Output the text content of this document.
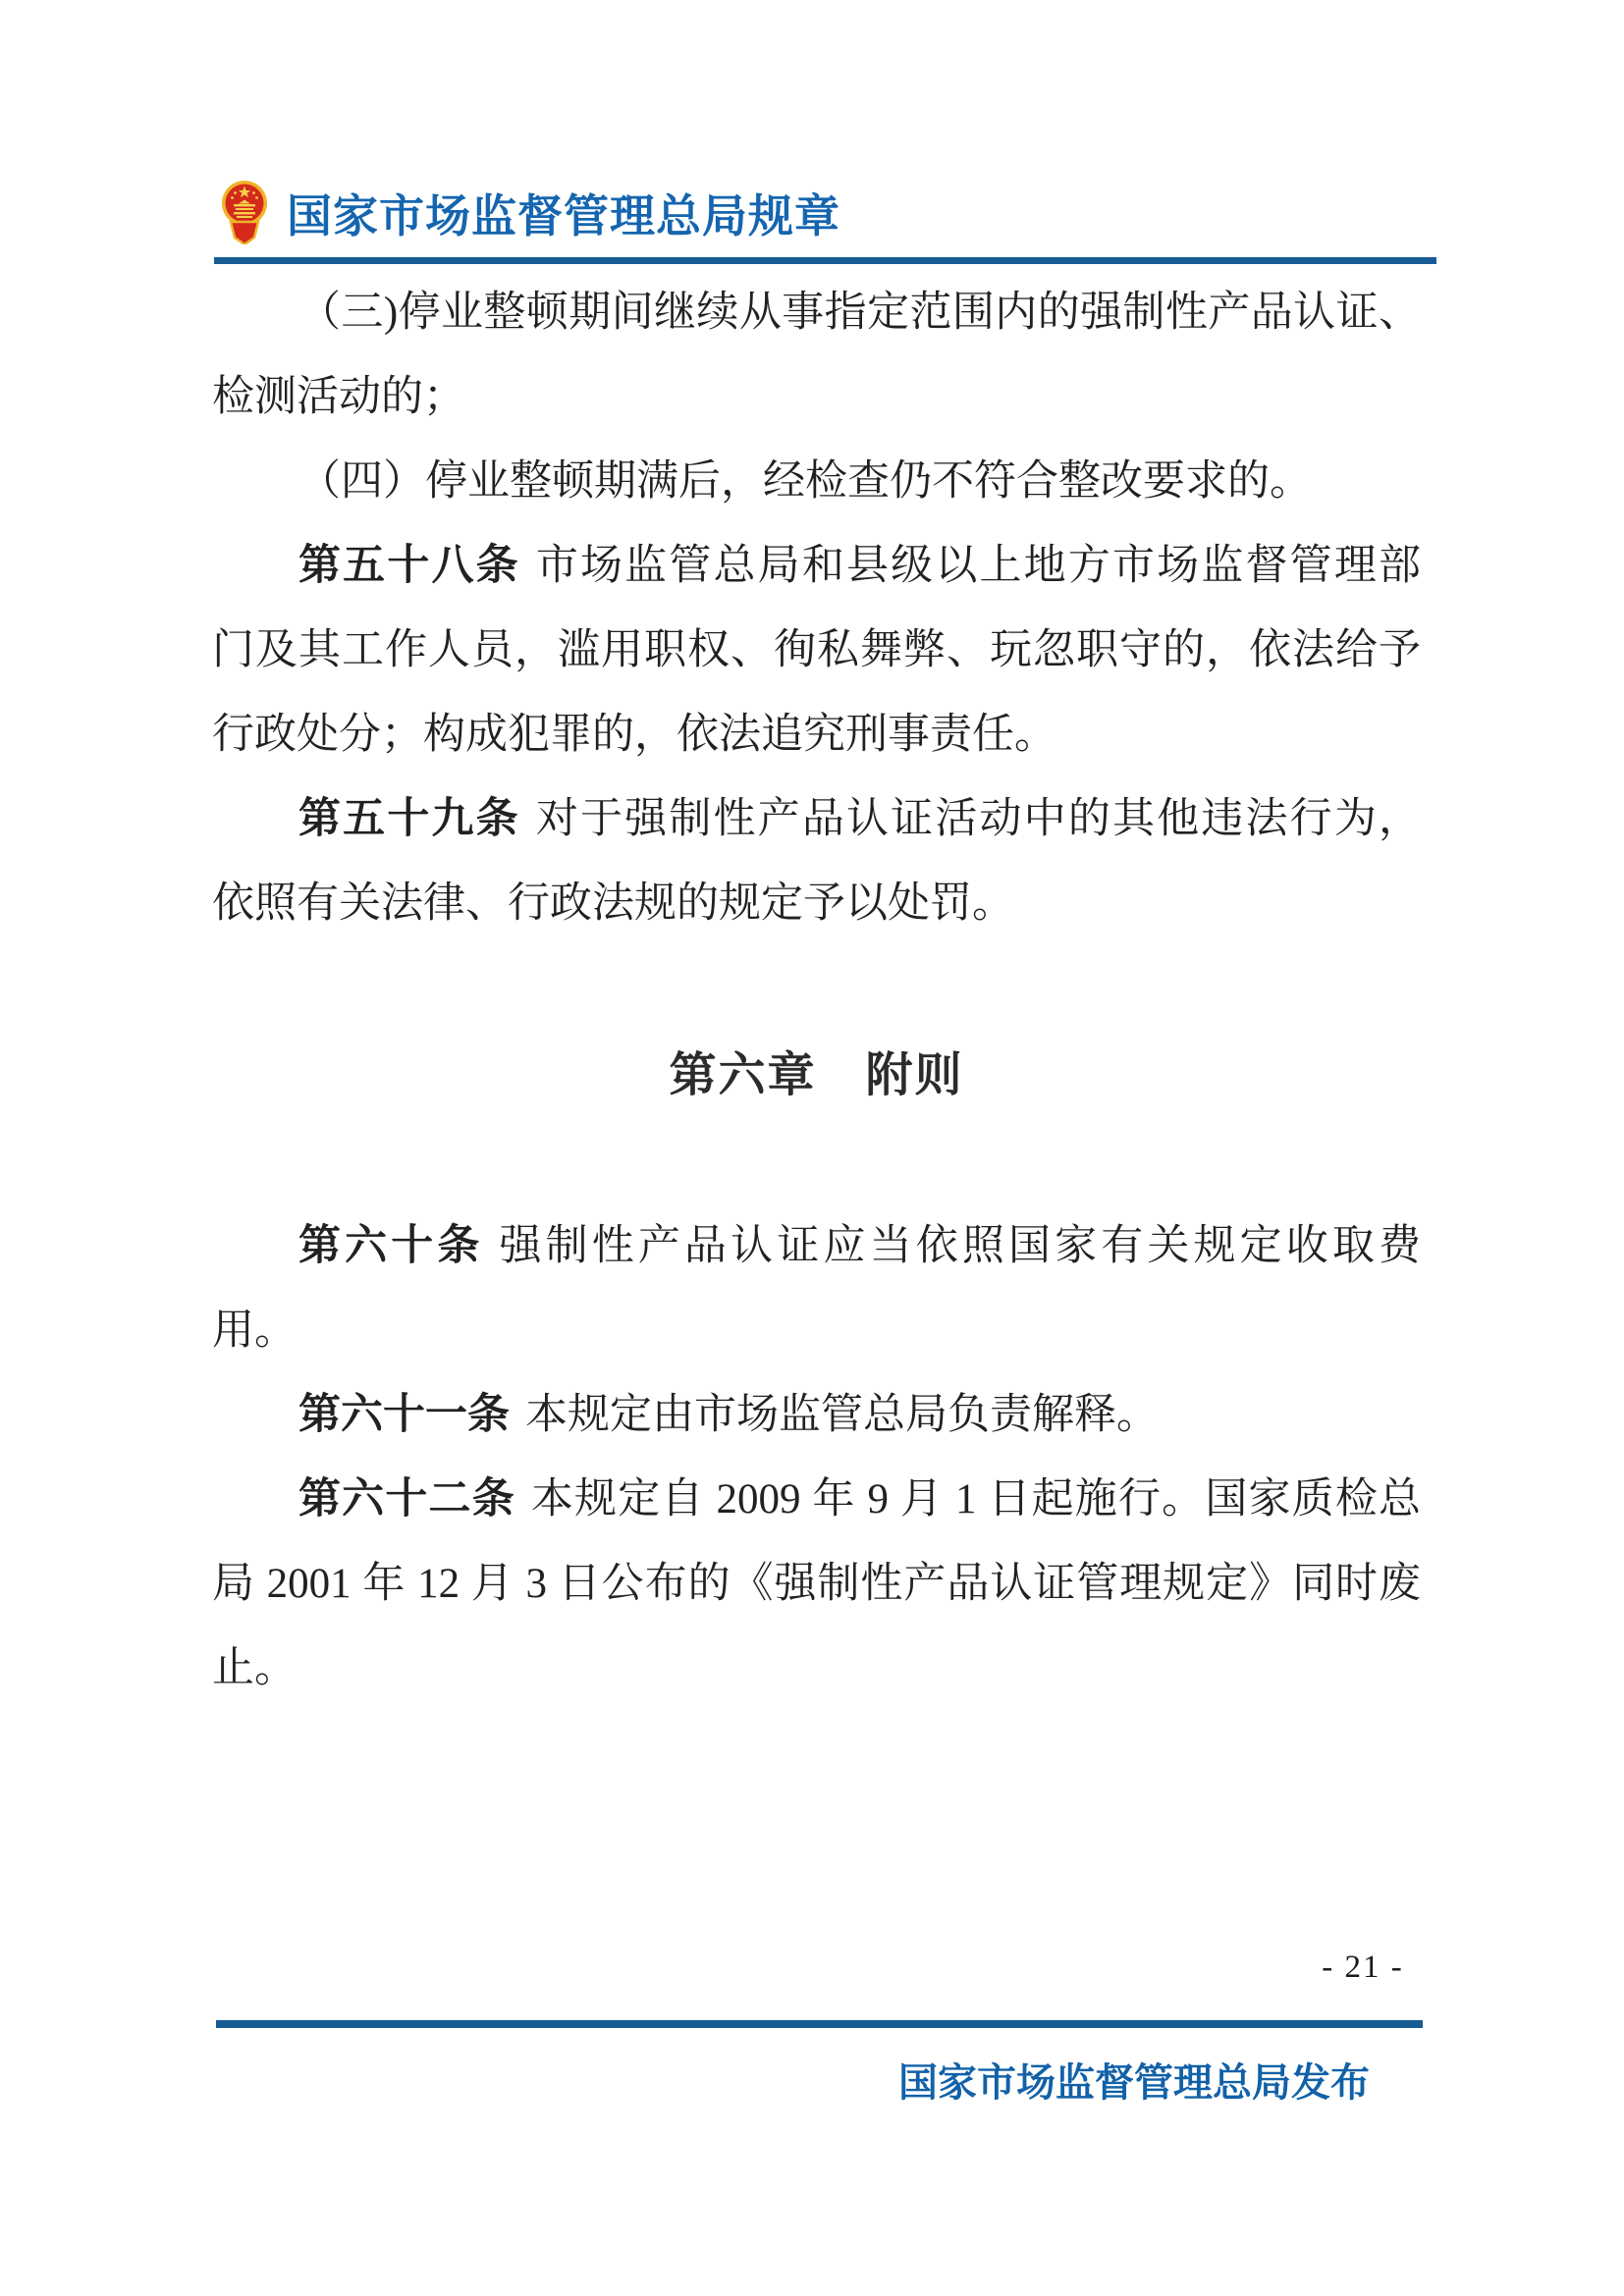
国家市场监督管理总局规章
（三)停业整顿期间继续从事指定范围内的强制性产品认证、
检测活动的；
（四）停业整顿期满后，经检查仍不符合整改要求的。
第五十八条 市场监管总局和县级以上地方市场监督管理部
门及其工作人员，滥用职权、徇私舞弊、玩忽职守的，依法给予
行政处分；构成犯罪的，依法追究刑事责任。
第五十九条 对于强制性产品认证活动中的其他违法行为，
依照有关法律、行政法规的规定予以处罚。
第六章　附则
第六十条 强制性产品认证应当依照国家有关规定收取费
用。
第六十一条 本规定由市场监管总局负责解释。
第六十二条 本规定自 2009 年 9 月 1 日起施行。国家质检总
局 2001 年 12 月 3 日公布的《强制性产品认证管理规定》同时废
止。
- 21 -
国家市场监督管理总局发布
